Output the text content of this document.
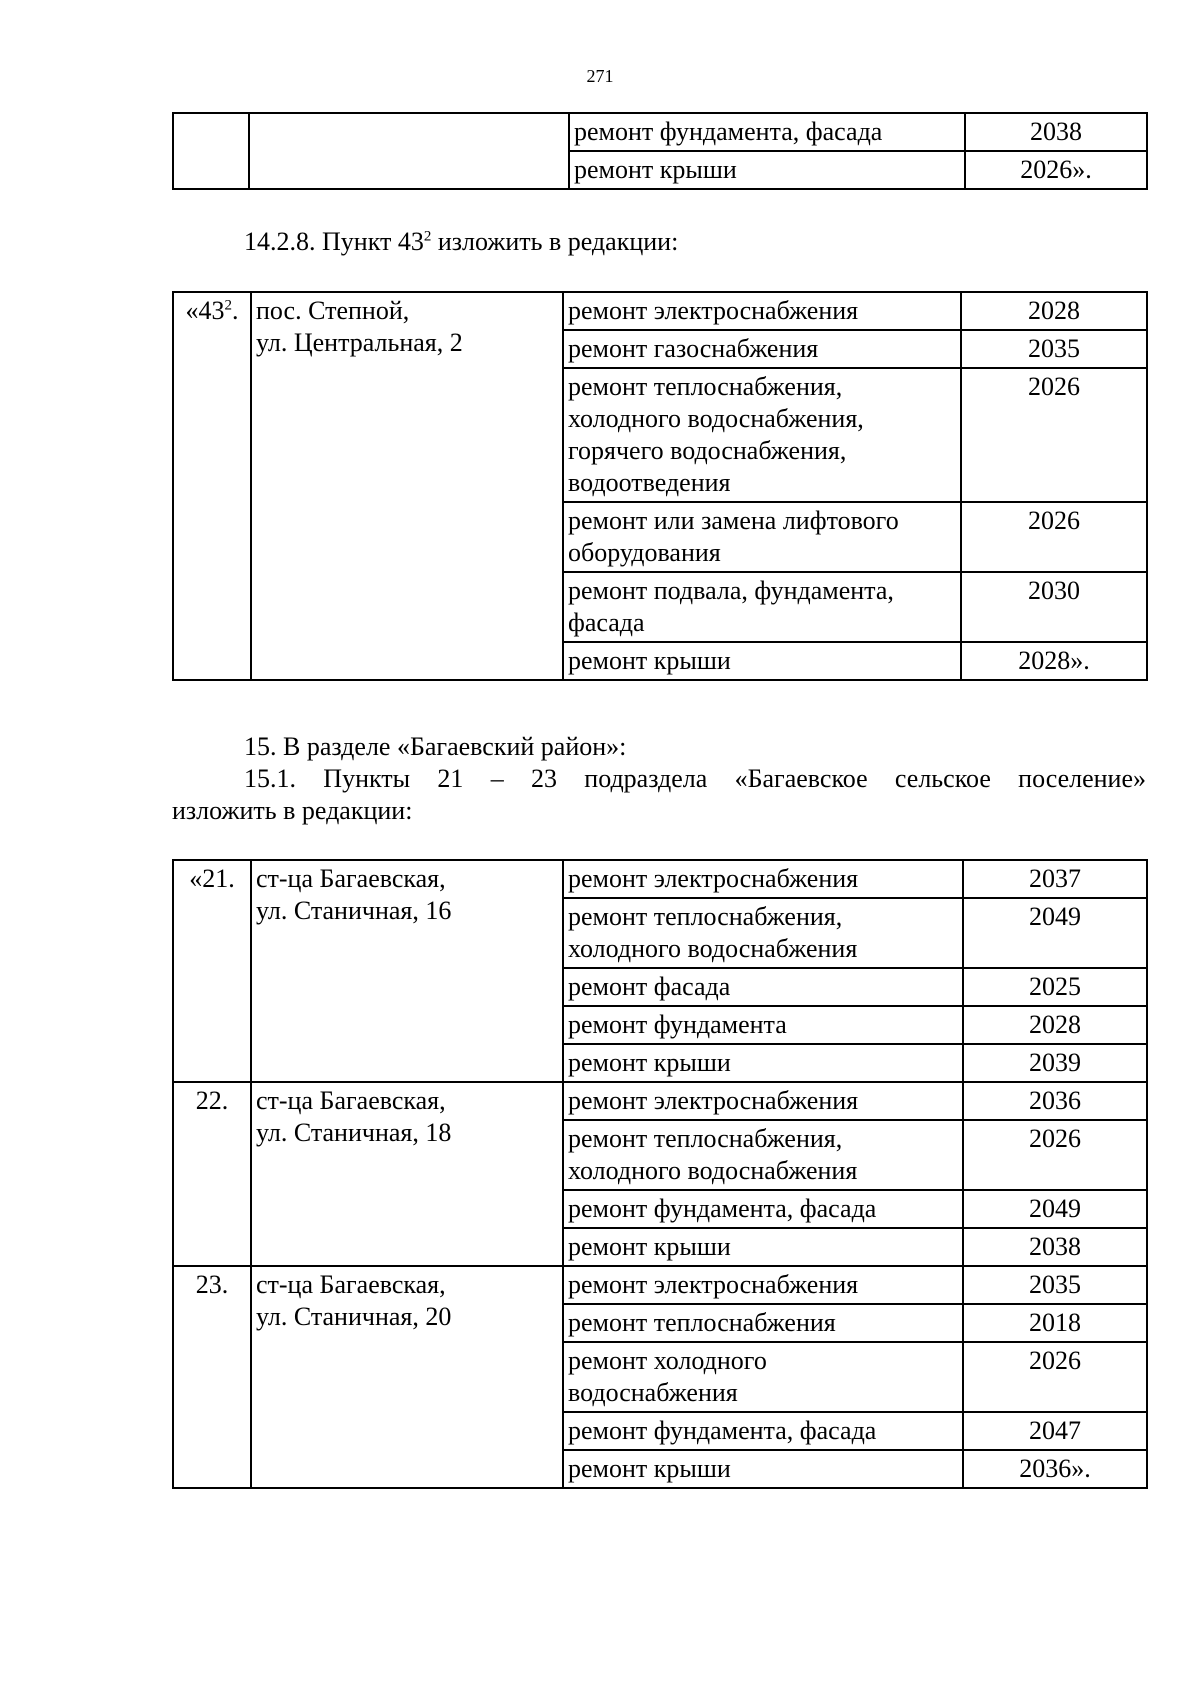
271
		ремонт фундамента, фасада	2038
		ремонт крыши	2026».
14.2.8. Пункт $43^2$ изложить в редакции:
«$43^2$.	пос. Степной,
ул. Центральная, 2	ремонт электроснабжения	2028
		ремонт газоснабжения	2035
		ремонт теплоснабжения,
холодного водоснабжения,
горячего водоснабжения,
водоотведения	2026
		ремонт или замена лифтового
оборудования	2026
		ремонт подвала, фундамента,
фасада	2030
		ремонт крыши	2028».
15. В разделе «Багаевский район»:
15.1. Пункты 21 – 23 подраздела «Багаевское сельское поселение»
изложить в редакции:
«21.	ст-ца Багаевская,
ул. Станичная, 16	ремонт электроснабжения	2037
		ремонт теплоснабжения,
холодного водоснабжения	2049
		ремонт фасада	2025
		ремонт фундамента	2028
		ремонт крыши	2039
22.	ст-ца Багаевская,
ул. Станичная, 18	ремонт электроснабжения	2036
		ремонт теплоснабжения,
холодного водоснабжения	2026
		ремонт фундамента, фасада	2049
		ремонт крыши	2038
23.	ст-ца Багаевская,
ул. Станичная, 20	ремонт электроснабжения	2035
		ремонт теплоснабжения	2018
		ремонт холодного
водоснабжения	2026
		ремонт фундамента, фасада	2047
		ремонт крыши	2036».
